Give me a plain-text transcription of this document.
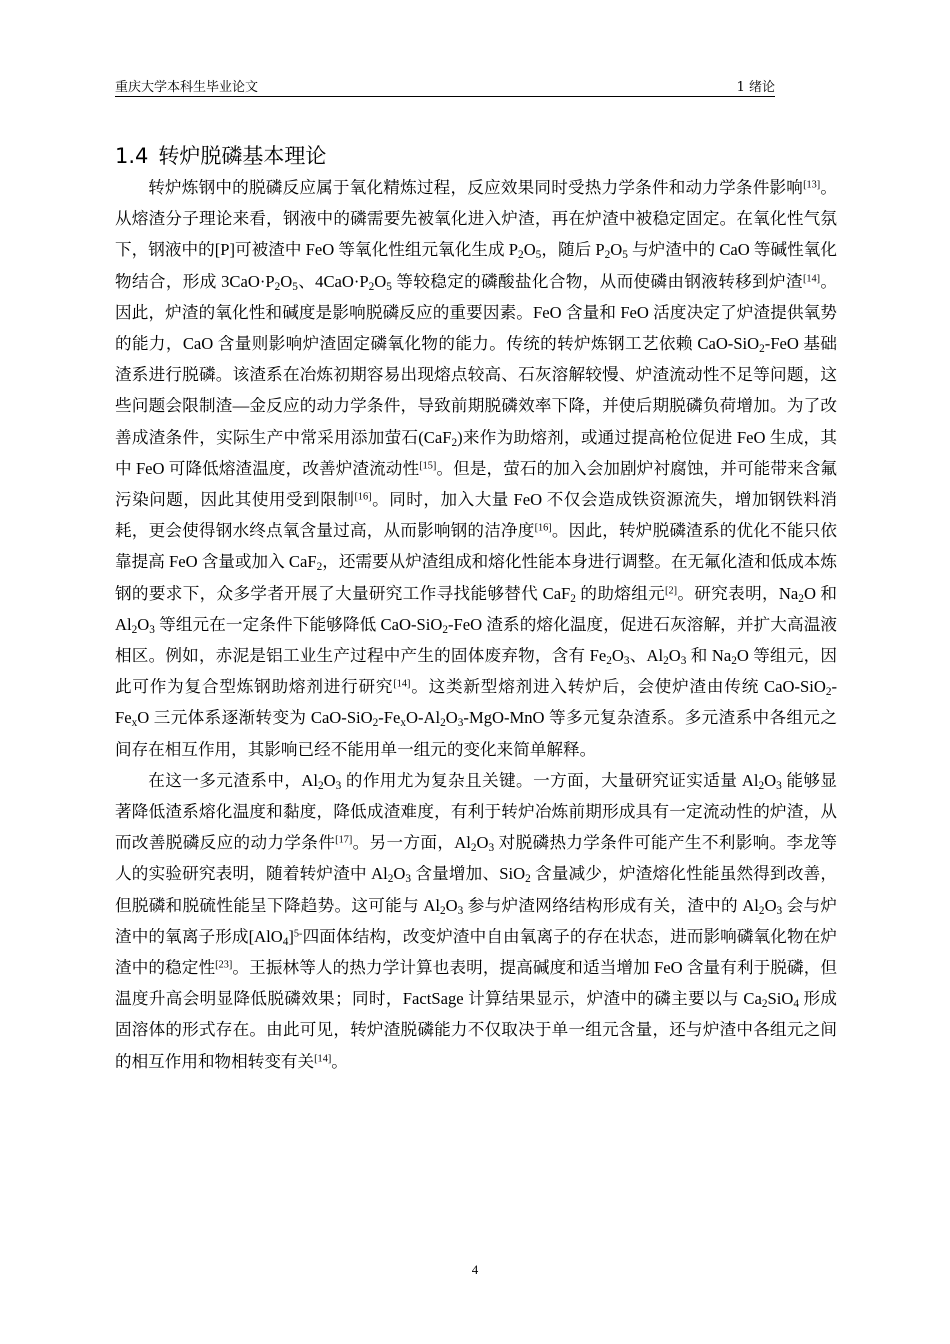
重庆大学本科生毕业论文	1 绪论
1.4 转炉脱磷基本理论

转炉炼钢中的脱磷反应属于氧化精炼过程，反应效果同时受热力学条件和动力学条件影响[13]。从熔渣分子理论来看，钢液中的磷需要先被氧化进入炉渣，再在炉渣中被稳定固定。在氧化性气氛下，钢液中的[P]可被渣中 FeO 等氧化性组元氧化生成 $P_2O_5$，随后 $P_2O_5$ 与炉渣中的 CaO 等碱性氧化物结合，形成 $3CaO\cdot P_2O_5$、$4CaO\cdot P_2O_5$ 等较稳定的磷酸盐化合物，从而使磷由钢液转移到炉渣[14]。因此，炉渣的氧化性和碱度是影响脱磷反应的重要因素。FeO 含量和 FeO 活度决定了炉渣提供氧势的能力，CaO 含量则影响炉渣固定磷氧化物的能力。传统的转炉炼钢工艺依赖 CaO-SiO$_2$-FeO 基础渣系进行脱磷。该渣系在冶炼初期容易出现熔点较高、石灰溶解较慢、炉渣流动性不足等问题，这些问题会限制渣—金反应的动力学条件，导致前期脱磷效率下降，并使后期脱磷负荷增加。为了改善成渣条件，实际生产中常采用添加萤石(CaF$_2$)来作为助熔剂，或通过提高枪位促进 FeO 生成，其中 FeO 可降低熔渣温度，改善炉渣流动性[15]。但是，萤石的加入会加剧炉衬腐蚀，并可能带来含氟污染问题，因此其使用受到限制[16]。同时，加入大量 FeO 不仅会造成铁资源流失，增加钢铁料消耗，更会使得钢水终点氧含量过高，从而影响钢的洁净度[16]。因此，转炉脱磷渣系的优化不能只依靠提高 FeO 含量或加入 CaF$_2$，还需要从炉渣组成和熔化性能本身进行调整。在无氟化渣和低成本炼钢的要求下，众多学者开展了大量研究工作寻找能够替代 CaF$_2$ 的助熔组元[2]。研究表明，$Na_2O$ 和 $Al_2O_3$ 等组元在一定条件下能够降低 CaO-SiO$_2$-FeO 渣系的熔化温度，促进石灰溶解，并扩大高温液相区。例如，赤泥是铝工业生产过程中产生的固体废弃物，含有 $Fe_2O_3$、$Al_2O_3$ 和 $Na_2O$ 等组元，因此可作为复合型炼钢助熔剂进行研究[14]。这类新型熔剂进入转炉后，会使炉渣由传统 CaO-$SiO_2-Fe_xO$ 三元体系逐渐转变为 CaO-$SiO_2-Fe_xO-Al_2O_3-MgO$-MnO 等多元复杂渣系。多元渣系中各组元之间存在相互作用，其影响已经不能用单一组元的变化来简单解释。

在这一多元渣系中，$Al_2O_3$ 的作用尤为复杂且关键。一方面，大量研究证实适量 $Al_2O_3$ 能够显著降低渣系熔化温度和黏度，降低成渣难度，有利于转炉冶炼前期形成具有一定流动性的炉渣，从而改善脱磷反应的动力学条件[17]。另一方面，$Al_2O_3$ 对脱磷热力学条件可能产生不利影响。李龙等人的实验研究表明，随着转炉渣中 $Al_2O_3$ 含量增加、SiO$_2$ 含量减少，炉渣熔化性能虽然得到改善，但脱磷和脱硫性能呈下降趋势。这可能与 $Al_2O_3$ 参与炉渣网络结构形成有关，渣中的 $Al_2O_3$ 会与炉渣中的氧离子形成$[AlO_4]^{5-}$四面体结构，改变炉渣中自由氧离子的存在状态，进而影响磷氧化物在炉渣中的稳定性[23]。王振林等人的热力学计算也表明，提高碱度和适当增加 FeO 含量有利于脱磷，但温度升高会明显降低脱磷效果；同时，FactSage 计算结果显示，炉渣中的磷主要以与 $Ca_2SiO_4$ 形成固溶体的形式存在。由此可见，转炉渣脱磷能力不仅取决于单一组元含量，还与炉渣中各组元之间的相互作用和物相转变有关[14]。

4
